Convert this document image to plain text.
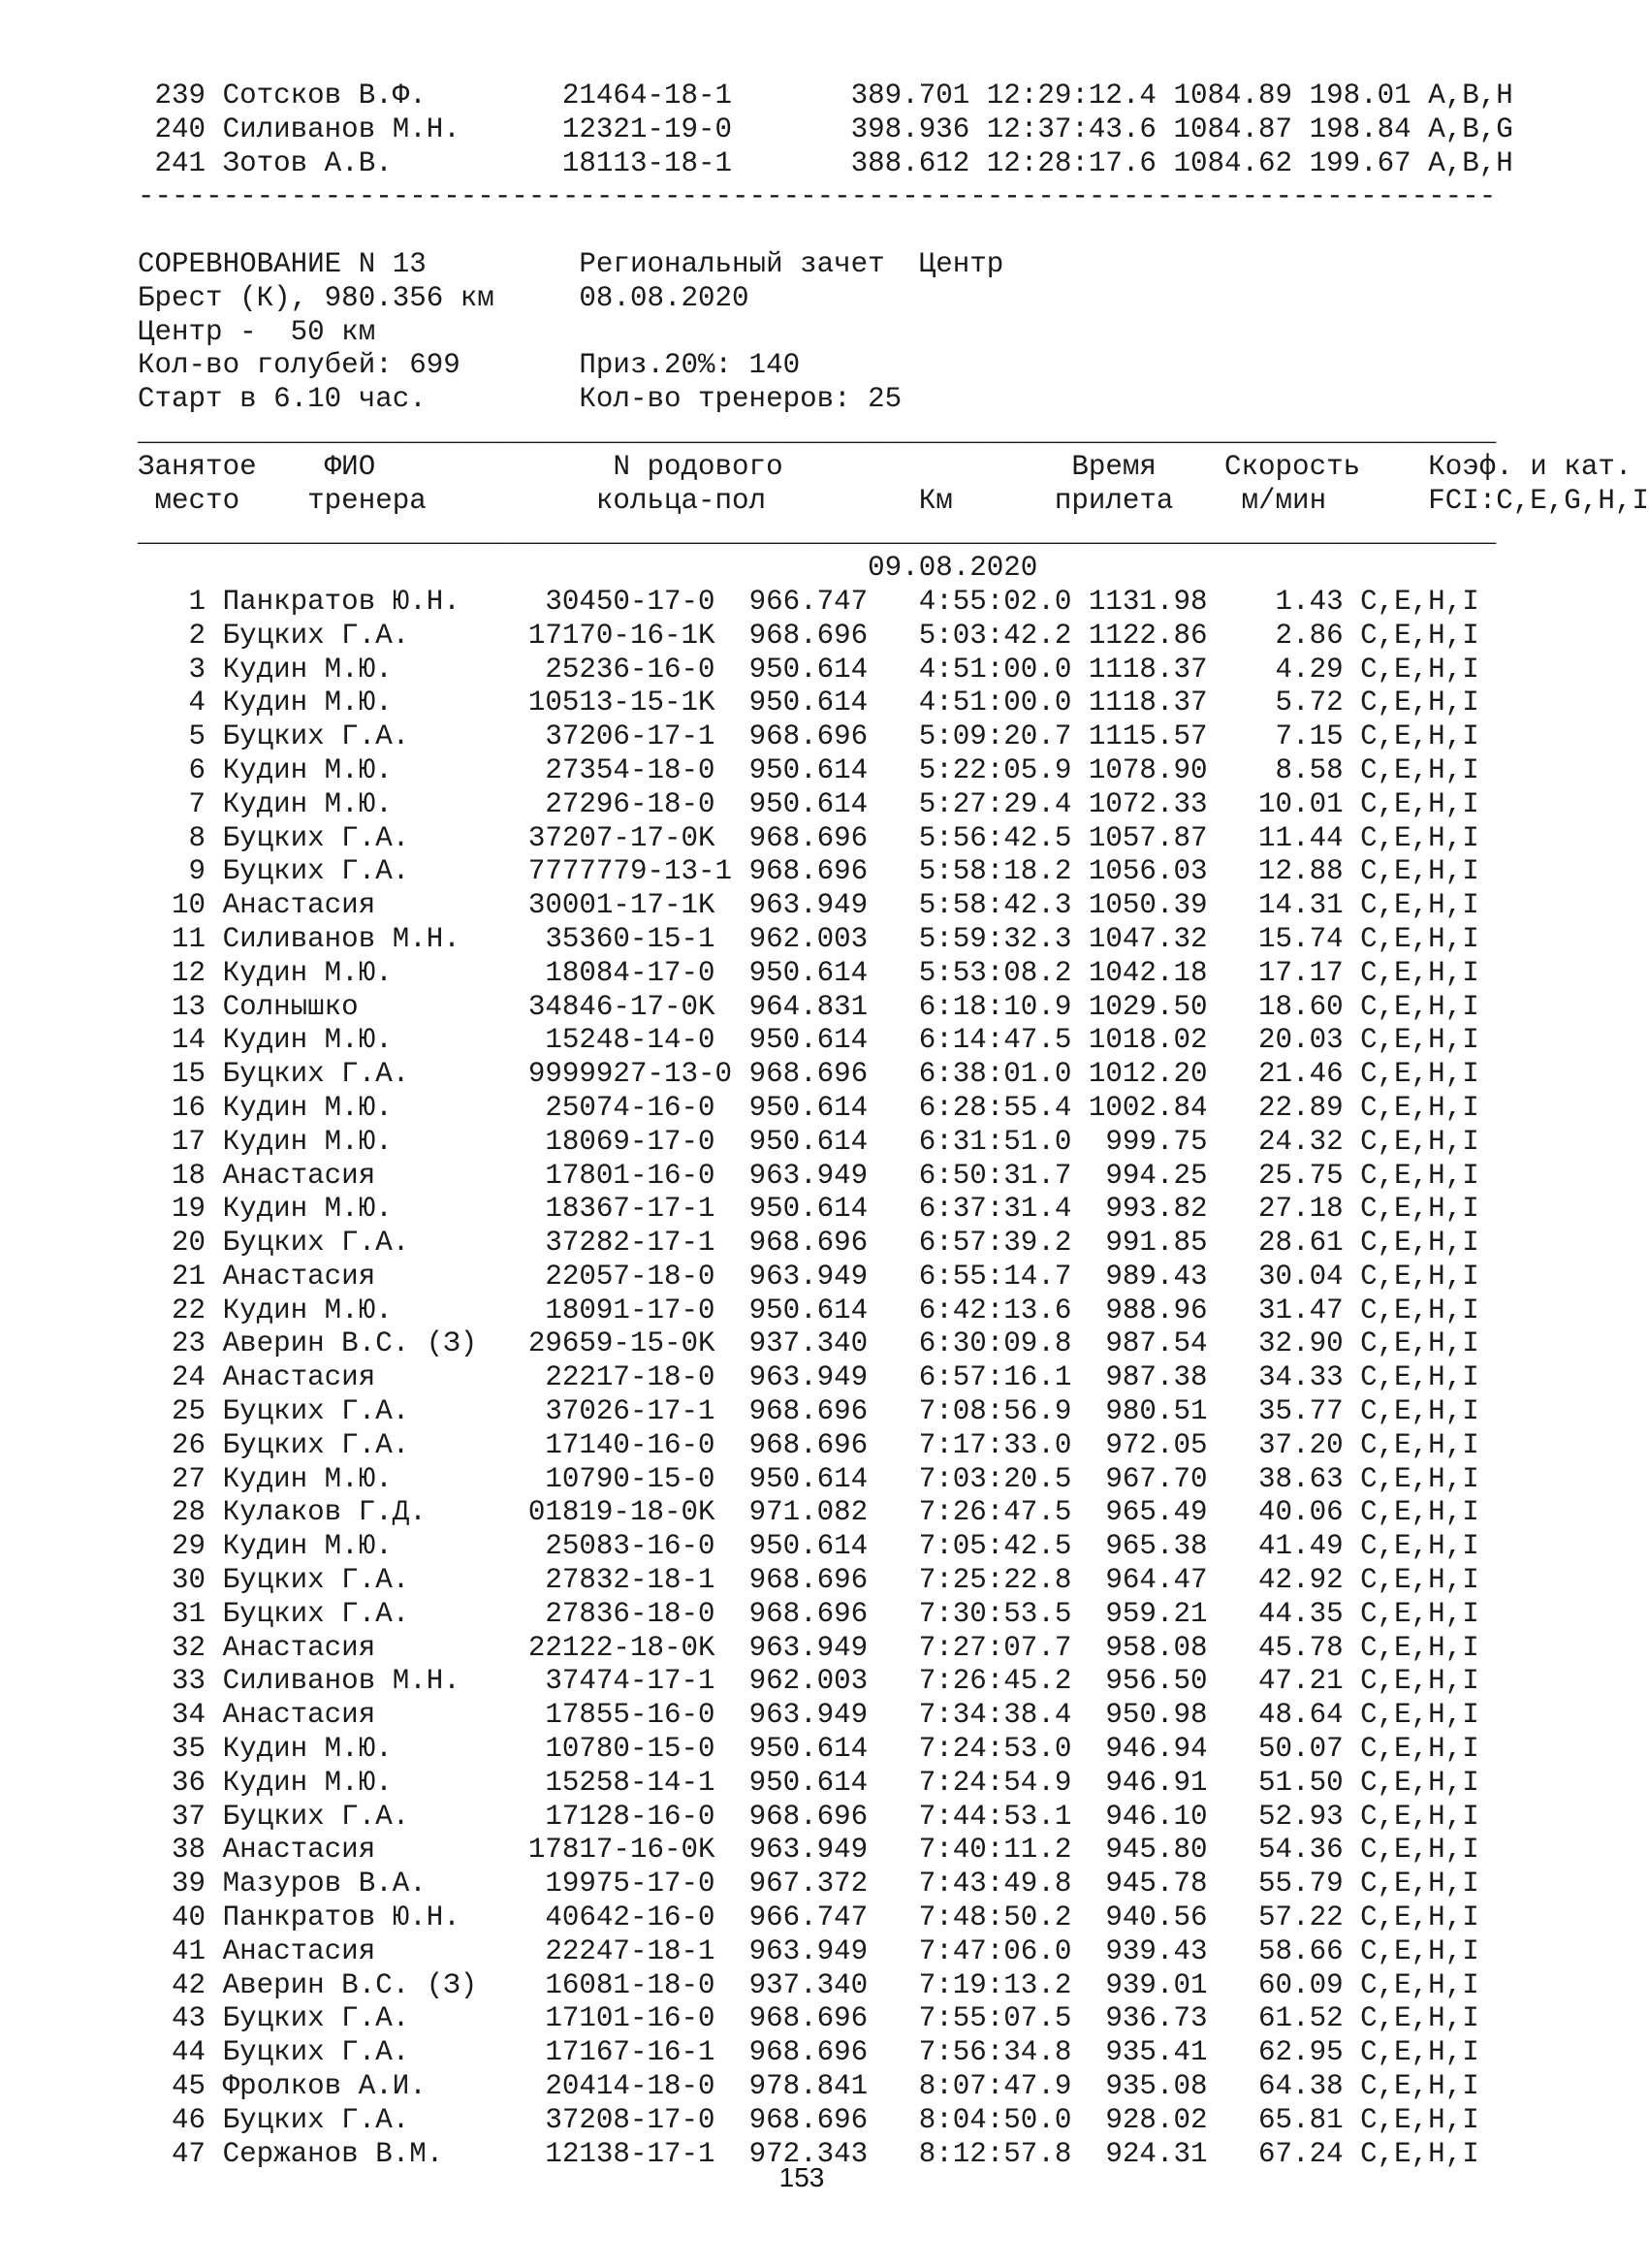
239 Сотсков В.Ф.	21464-18-1	389.701 12:29:12.4 1084.89 198.01 A,B,H
240 Силиванов М.Н.	12321-19-0	398.936 12:37:43.6 1084.87 198.84 A,B,G
241 Зотов А.В.	18113-18-1	388.612 12:28:17.6 1084.62 199.67 A,B,H
--------------------------------------------------------------------------------

СОРЕВНОВАНИЕ N 13	Региональный зачет  Центр
Брест (К), 980.356 км	08.08.2020
Центр -  50 км
Кол-во голубей: 699	Приз.20%: 140
Старт в 6.10 час.	Кол-во тренеров: 25
________________________________________________________________________________
Занятое ФИО	N родового	Время Скорость Коэф. и кат.
место тренера	кольца-пол	Км	прилета м/мин	FCI:C,E,G,H,I
________________________________________________________________________________
09.08.2020
1 Панкратов Ю.Н.	30450-17-0 966.747 4:55:02.0 1131.98 1.43 C,E,H,I
2 Буцких Г.А.	17170-16-1K 968.696 5:03:42.2 1122.86 2.86 C,E,H,I
3 Кудин М.Ю.	25236-16-0 950.614 4:51:00.0 1118.37 4.29 C,E,H,I
4 Кудин М.Ю.	10513-15-1K 950.614 4:51:00.0 1118.37 5.72 C,E,H,I
5 Буцких Г.А.	37206-17-1 968.696 5:09:20.7 1115.57 7.15 C,E,H,I
6 Кудин М.Ю.	27354-18-0 950.614 5:22:05.9 1078.90 8.58 C,E,H,I
7 Кудин М.Ю.	27296-18-0 950.614 5:27:29.4 1072.33 10.01 C,E,H,I
8 Буцких Г.А.	37207-17-0K 968.696 5:56:42.5 1057.87 11.44 C,E,H,I
9 Буцких Г.А.	7777779-13-1 968.696 5:58:18.2 1056.03 12.88 C,E,H,I
10 Анастасия	30001-17-1K 963.949 5:58:42.3 1050.39 14.31 C,E,H,I
11 Силиванов М.Н.	35360-15-1 962.003 5:59:32.3 1047.32 15.74 C,E,H,I
12 Кудин М.Ю.	18084-17-0 950.614 5:53:08.2 1042.18 17.17 C,E,H,I
13 Солнышко	34846-17-0K 964.831 6:18:10.9 1029.50 18.60 C,E,H,I
14 Кудин М.Ю.	15248-14-0 950.614 6:14:47.5 1018.02 20.03 C,E,H,I
15 Буцких Г.А.	9999927-13-0 968.696 6:38:01.0 1012.20 21.46 C,E,H,I
16 Кудин М.Ю.	25074-16-0 950.614 6:28:55.4 1002.84 22.89 C,E,H,I
17 Кудин М.Ю.	18069-17-0 950.614 6:31:51.0 999.75 24.32 C,E,H,I
18 Анастасия	17801-16-0 963.949 6:50:31.7 994.25 25.75 C,E,H,I
19 Кудин М.Ю.	18367-17-1 950.614 6:37:31.4 993.82 27.18 C,E,H,I
20 Буцких Г.А.	37282-17-1 968.696 6:57:39.2 991.85 28.61 C,E,H,I
21 Анастасия	22057-18-0 963.949 6:55:14.7 989.43 30.04 C,E,H,I
22 Кудин М.Ю.	18091-17-0 950.614 6:42:13.6 988.96 31.47 C,E,H,I
23 Аверин В.С. (З) 29659-15-0K 937.340 6:30:09.8 987.54 32.90 C,E,H,I
24 Анастасия	22217-18-0 963.949 6:57:16.1 987.38 34.33 C,E,H,I
25 Буцких Г.А.	37026-17-1 968.696 7:08:56.9 980.51 35.77 C,E,H,I
26 Буцких Г.А.	17140-16-0 968.696 7:17:33.0 972.05 37.20 C,E,H,I
27 Кудин М.Ю.	10790-15-0 950.614 7:03:20.5 967.70 38.63 C,E,H,I
28 Кулаков Г.Д.	01819-18-0K 971.082 7:26:47.5 965.49 40.06 C,E,H,I
29 Кудин М.Ю.	25083-16-0 950.614 7:05:42.5 965.38 41.49 C,E,H,I
30 Буцких Г.А.	27832-18-1 968.696 7:25:22.8 964.47 42.92 C,E,H,I
31 Буцких Г.А.	27836-18-0 968.696 7:30:53.5 959.21 44.35 C,E,H,I
32 Анастасия	22122-18-0K 963.949 7:27:07.7 958.08 45.78 C,E,H,I
33 Силиванов М.Н.	37474-17-1 962.003 7:26:45.2 956.50 47.21 C,E,H,I
34 Анастасия	17855-16-0 963.949 7:34:38.4 950.98 48.64 C,E,H,I
35 Кудин М.Ю.	10780-15-0 950.614 7:24:53.0 946.94 50.07 C,E,H,I
36 Кудин М.Ю.	15258-14-1 950.614 7:24:54.9 946.91 51.50 C,E,H,I
37 Буцких Г.А.	17128-16-0 968.696 7:44:53.1 946.10 52.93 C,E,H,I
38 Анастасия	17817-16-0K 963.949 7:40:11.2 945.80 54.36 C,E,H,I
39 Мазуров В.А.	19975-17-0 967.372 7:43:49.8 945.78 55.79 C,E,H,I
40 Панкратов Ю.Н.	40642-16-0 966.747 7:48:50.2 940.56 57.22 C,E,H,I
41 Анастасия	22247-18-1 963.949 7:47:06.0 939.43 58.66 C,E,H,I
42 Аверин В.С. (З) 16081-18-0 937.340 7:19:13.2 939.01 60.09 C,E,H,I
43 Буцких Г.А.	17101-16-0 968.696 7:55:07.5 936.73 61.52 C,E,H,I
44 Буцких Г.А.	17167-16-1 968.696 7:56:34.8 935.41 62.95 C,E,H,I
45 Фролков А.И.	20414-18-0 978.841 8:07:47.9 935.08 64.38 C,E,H,I
46 Буцких Г.А.	37208-17-0 968.696 8:04:50.0 928.02 65.81 C,E,H,I
47 Сержанов В.М.	12138-17-1 972.343 8:12:57.8 924.31 67.24 C,E,H,I
153
